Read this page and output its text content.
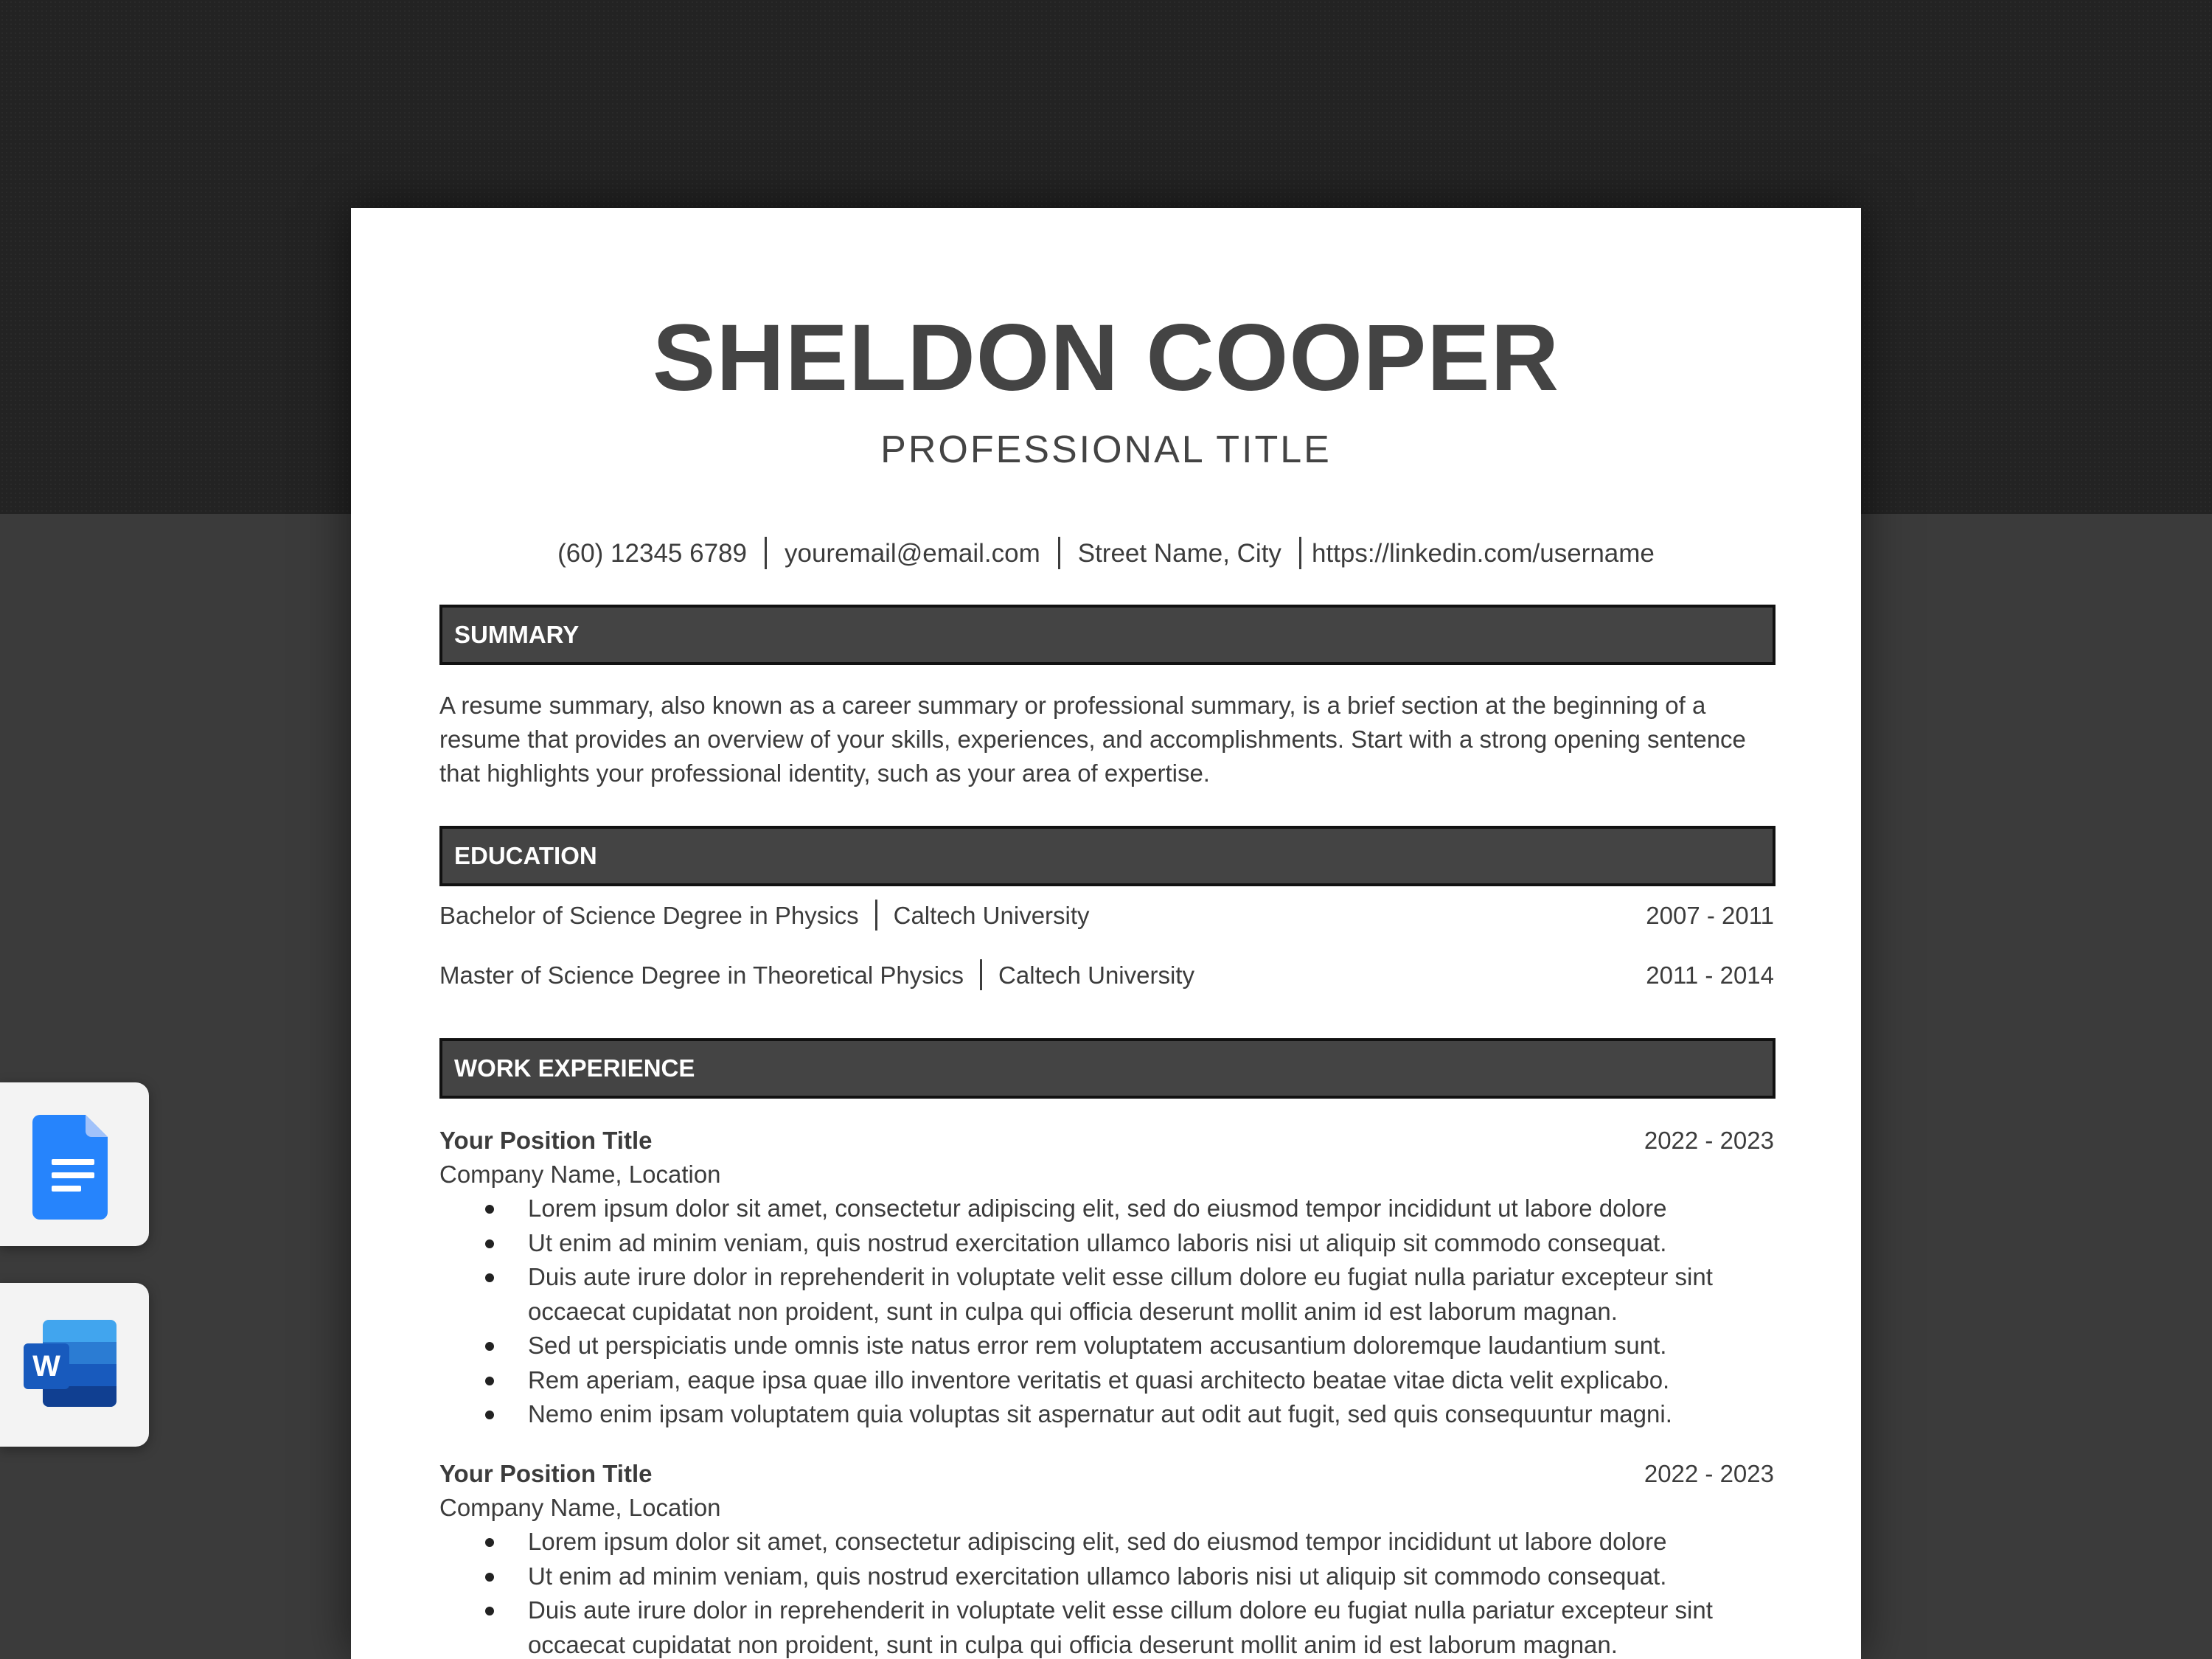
SHELDON COOPER
PROFESSIONAL TITLE
(60) 12345 6789 youremail@email.com Street Name, City https://linkedin.com/username
SUMMARY

A resume summary, also known as a career summary or professional summary, is a brief section at the beginning of a resume that provides an overview of your skills, experiences, and accomplishments. Start with a strong opening sentence that highlights your professional identity, such as your area of expertise.

EDUCATION
Bachelor of Science Degree in Physics Caltech University	2007 - 2011
Master of Science Degree in Theoretical Physics Caltech University	2011 - 2014
WORK EXPERIENCE
Your Position Title	2022 - 2023
Company Name, Location
Lorem ipsum dolor sit amet, consectetur adipiscing elit, sed do eiusmod tempor incididunt ut labore dolore
Ut enim ad minim veniam, quis nostrud exercitation ullamco laboris nisi ut aliquip sit commodo consequat.
Duis aute irure dolor in reprehenderit in voluptate velit esse cillum dolore eu fugiat nulla pariatur excepteur sint occaecat cupidatat non proident, sunt in culpa qui officia deserunt mollit anim id est laborum magnan.
Sed ut perspiciatis unde omnis iste natus error rem voluptatem accusantium doloremque laudantium sunt.
Rem aperiam, eaque ipsa quae illo inventore veritatis et quasi architecto beatae vitae dicta velit explicabo.
Nemo enim ipsam voluptatem quia voluptas sit aspernatur aut odit aut fugit, sed quis consequuntur magni.
Your Position Title	2022 - 2023
Company Name, Location
Lorem ipsum dolor sit amet, consectetur adipiscing elit, sed do eiusmod tempor incididunt ut labore dolore
Ut enim ad minim veniam, quis nostrud exercitation ullamco laboris nisi ut aliquip sit commodo consequat.
Duis aute irure dolor in reprehenderit in voluptate velit esse cillum dolore eu fugiat nulla pariatur excepteur sint occaecat cupidatat non proident, sunt in culpa qui officia deserunt mollit anim id est laborum magnan.
W
